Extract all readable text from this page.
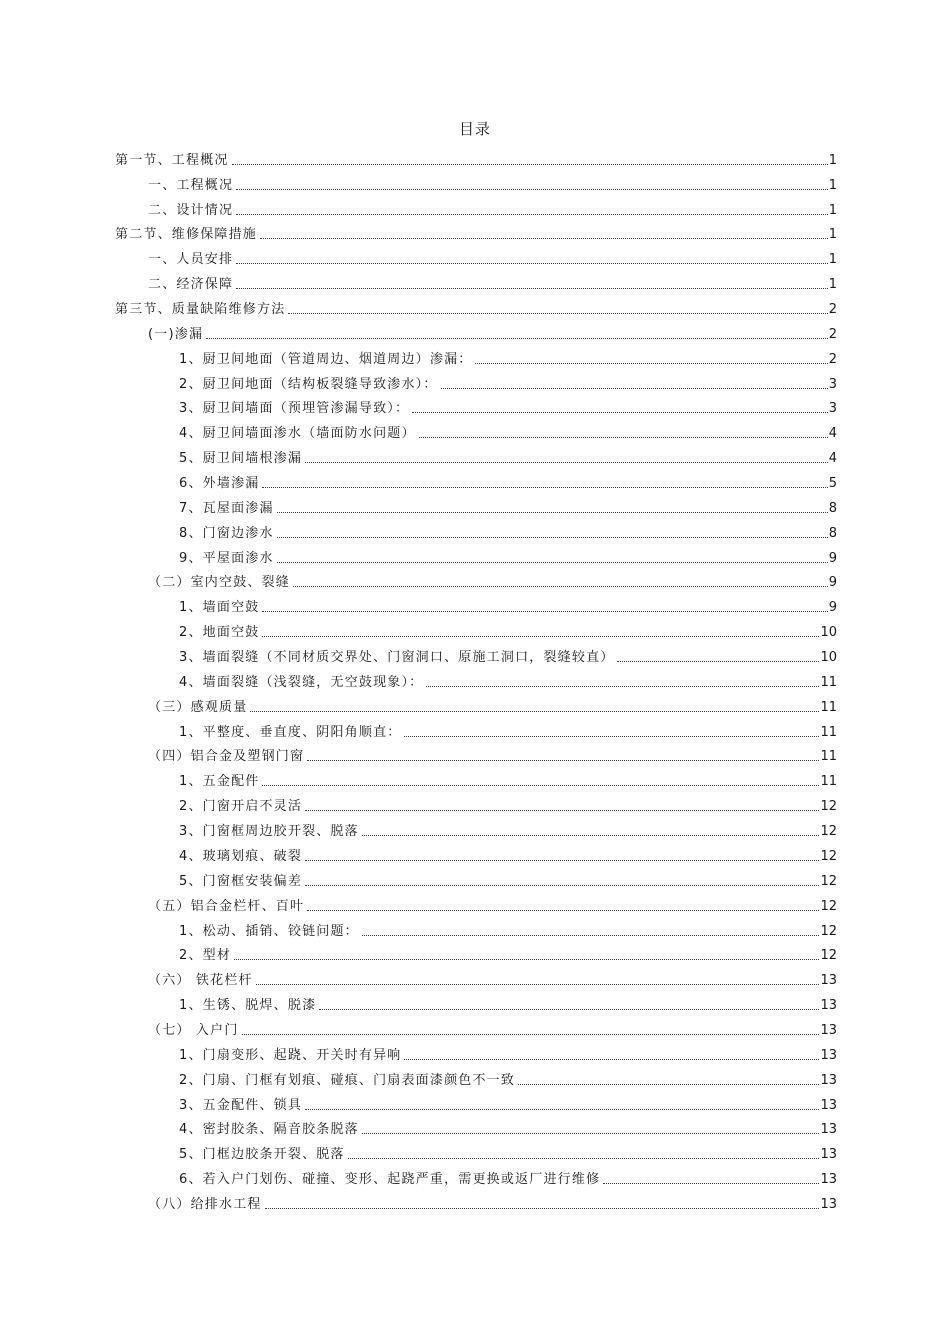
目录
第一节、工程概况	1
一、工程概况	1
二、设计情况	1
第二节、维修保障措施	1
一、人员安排	1
二、经济保障	1
第三节、质量缺陷维修方法	2
(一)渗漏	2
1、厨卫间地面（管道周边、烟道周边）渗漏：	2
2、厨卫间地面（结构板裂缝导致渗水）：	3
3、厨卫间墙面（预埋管渗漏导致）：	3
4、厨卫间墙面渗水（墙面防水问题）	4
5、厨卫间墙根渗漏	4
6、外墙渗漏	5
7、瓦屋面渗漏	8
8、门窗边渗水	8
9、平屋面渗水	9
（二）室内空鼓、裂缝	9
1、墙面空鼓	9
2、地面空鼓	10
3、墙面裂缝（不同材质交界处、门窗洞口、原施工洞口，裂缝较直）	10
4、墙面裂缝（浅裂缝，无空鼓现象）：	11
（三）感观质量	11
1、平整度、垂直度、阴阳角顺直：	11
（四）铝合金及塑钢门窗	11
1、五金配件	11
2、门窗开启不灵活	12
3、门窗框周边胶开裂、脱落	12
4、玻璃划痕、破裂	12
5、门窗框安装偏差	12
（五）铝合金栏杆、百叶	12
1、松动、插销、铰链问题：	12
2、型材	12
（六） 铁花栏杆	13
1、生锈、脱焊、脱漆	13
（七） 入户门	13
1、门扇变形、起跷、开关时有异响	13
2、门扇、门框有划痕、碰痕、门扇表面漆颜色不一致	13
3、五金配件、锁具	13
4、密封胶条、隔音胶条脱落	13
5、门框边胶条开裂、脱落	13
6、若入户门划伤、碰撞、变形、起跷严重，需更换或返厂进行维修	13
（八）给排水工程	13
